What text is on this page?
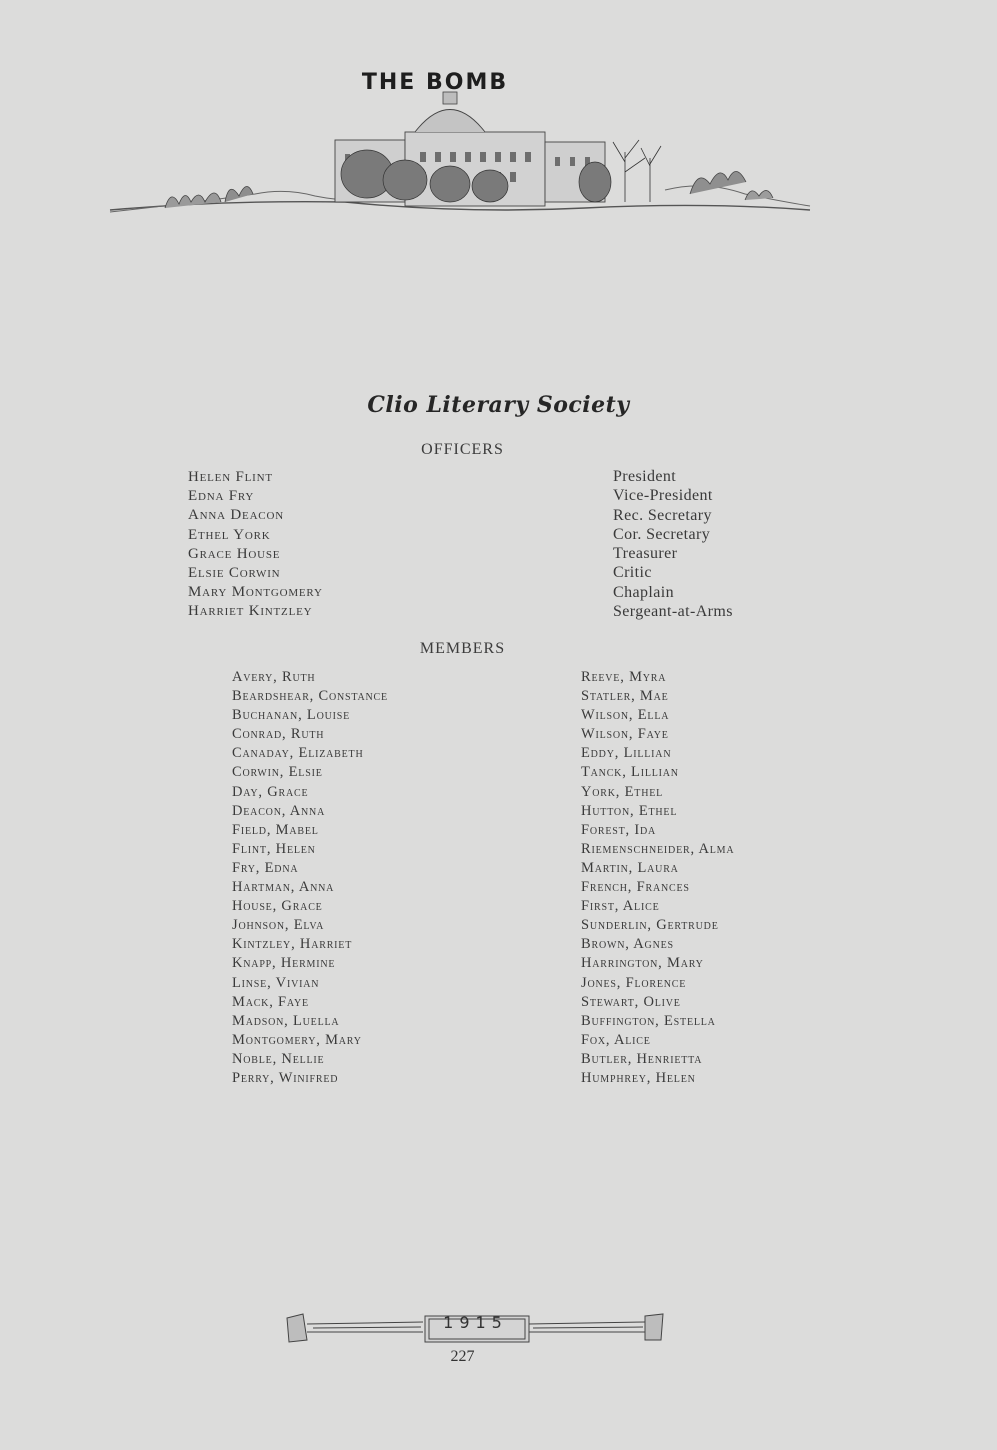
THE BOMB
Clio Literary Society
OFFICERS
Helen Flint
Edna Fry
Anna Deacon
Ethel York
Grace House
Elsie Corwin
Mary Montgomery
Harriet Kintzley
President
Vice-President
Rec. Secretary
Cor. Secretary
Treasurer
Critic
Chaplain
Sergeant-at-Arms
MEMBERS
Avery, Ruth
Beardshear, Constance
Buchanan, Louise
Conrad, Ruth
Canaday, Elizabeth
Corwin, Elsie
Day, Grace
Deacon, Anna
Field, Mabel
Flint, Helen
Fry, Edna
Hartman, Anna
House, Grace
Johnson, Elva
Kintzley, Harriet
Knapp, Hermine
Linse, Vivian
Mack, Faye
Madson, Luella
Montgomery, Mary
Noble, Nellie
Perry, Winifred
Reeve, Myra
Statler, Mae
Wilson, Ella
Wilson, Faye
Eddy, Lillian
Tanck, Lillian
York, Ethel
Hutton, Ethel
Forest, Ida
Riemenschneider, Alma
Martin, Laura
French, Frances
First, Alice
Sunderlin, Gertrude
Brown, Agnes
Harrington, Mary
Jones, Florence
Stewart, Olive
Buffington, Estella
Fox, Alice
Butler, Henrietta
Humphrey, Helen
1915
227
